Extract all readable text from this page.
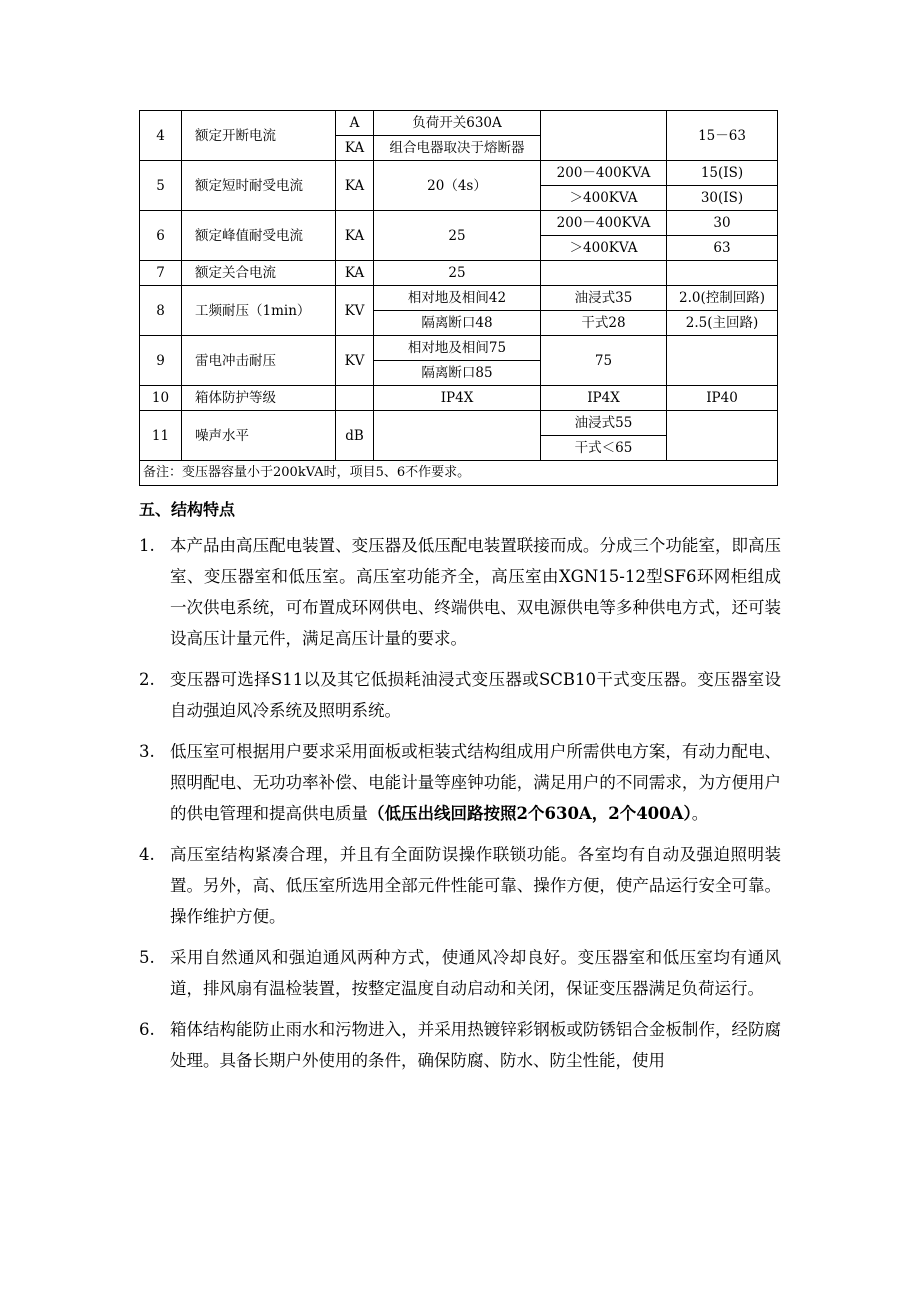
4	额定开断电流	A	负荷开关630A		15－63
		KA	组合电器取决于熔断器		
5	额定短时耐受电流	KA	20（4s）	200－400KVA	15(IS)
				＞400KVA	30(IS)
6	额定峰值耐受电流	KA	25	200－400KVA	30
				＞400KVA	63
7	额定关合电流	KA	25		
8	工频耐压（1min）	KV	相对地及相间42	油浸式35	2.0(控制回路)
			隔离断口48	干式28	2.5(主回路)
9	雷电冲击耐压	KV	相对地及相间75	75	
			隔离断口85		
10	箱体防护等级		IP4X	IP4X	IP40
11	噪声水平	dB		油浸式55	
				干式＜65	
备注：变压器容量小于200kVA时，项目5、6不作要求。					
五、结构特点
1. 本产品由高压配电装置、变压器及低压配电装置联接而成。分成三个功能室，即高压室、变压器室和低压室。高压室功能齐全，高压室由XGN15-12型SF6环网柜组成一次供电系统，可布置成环网供电、终端供电、双电源供电等多种供电方式，还可装设高压计量元件，满足高压计量的要求。
2. 变压器可选择S11以及其它低损耗油浸式变压器或SCB10干式变压器。变压器室设自动强迫风冷系统及照明系统。
3. 低压室可根据用户要求采用面板或柜装式结构组成用户所需供电方案，有动力配电、照明配电、无功功率补偿、电能计量等座钟功能，满足用户的不同需求，为方便用户的供电管理和提高供电质量（低压出线回路按照2个630A，2个400A）。
4. 高压室结构紧凑合理，并且有全面防误操作联锁功能。各室均有自动及强迫照明装置。另外，高、低压室所选用全部元件性能可靠、操作方便，使产品运行安全可靠。操作维护方便。
5. 采用自然通风和强迫通风两种方式，使通风冷却良好。变压器室和低压室均有通风道，排风扇有温检装置，按整定温度自动启动和关闭，保证变压器满足负荷运行。
6. 箱体结构能防止雨水和污物进入，并采用热镀锌彩钢板或防锈铝合金板制作，经防腐处理。具备长期户外使用的条件，确保防腐、防水、防尘性能，使用
